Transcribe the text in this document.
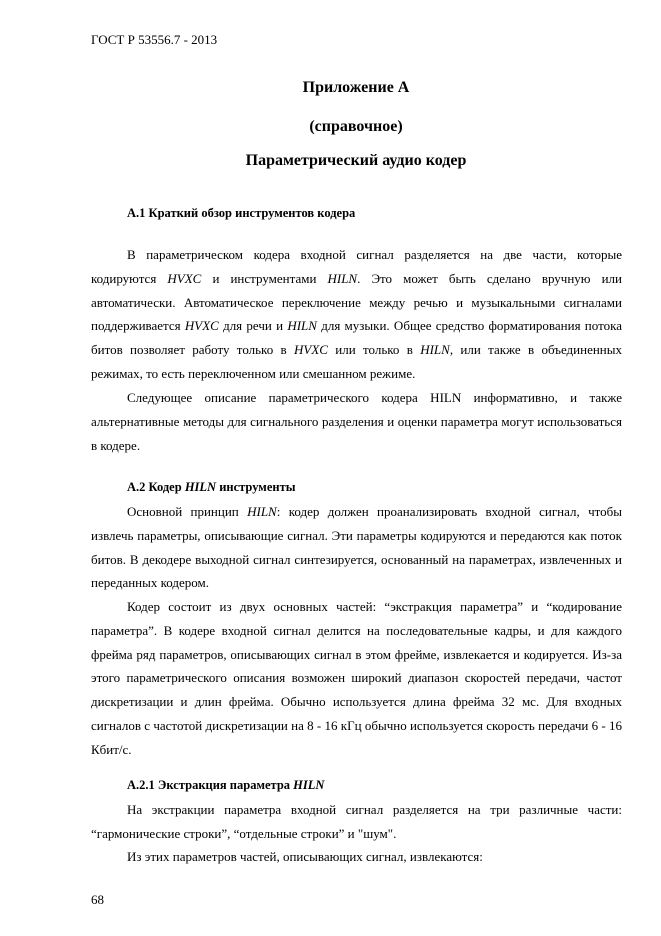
ГОСТ Р 53556.7 - 2013
Приложение А
(справочное)
Параметрический аудио кодер
А.1 Краткий обзор инструментов кодера

В параметрическом кодера входной сигнал разделяется на две части, которые кодируются HVXC и инструментами HILN. Это может быть сделано вручную или автоматически. Автоматическое переключение между речью и музыкальными сигналами поддерживается HVXC для речи и HILN для музыки. Общее средство форматирования потока битов позволяет работу только в HVXC или только в HILN, или также в объединенных режимах, то есть переключенном или смешанном режиме.

Следующее описание параметрического кодера HILN информативно, и также альтернативные методы для сигнального разделения и оценки параметра могут использоваться в кодере.

А.2 Кодер HILN инструменты

Основной принцип HILN: кодер должен проанализировать входной сигнал, чтобы извлечь параметры, описывающие сигнал. Эти параметры кодируются и передаются как поток битов. В декодере выходной сигнал синтезируется, основанный на параметрах, извлеченных и переданных кодером.

Кодер состоит из двух основных частей: “экстракция параметра” и “кодирование параметра”. В кодере входной сигнал делится на последовательные кадры, и для каждого фрейма ряд параметров, описывающих сигнал в этом фрейме, извлекается и кодируется. Из-за этого параметрического описания возможен широкий диапазон скоростей передачи, частот дискретизации и длин фрейма. Обычно используется длина фрейма 32 мс. Для входных сигналов с частотой дискретизации на 8 - 16 кГц обычно используется скорость передачи 6 - 16 Кбит/с.

А.2.1 Экстракция параметра HILN

На экстракции параметра входной сигнал разделяется на три различные части: “гармонические строки”, “отдельные строки” и "шум".

Из этих параметров частей, описывающих сигнал, извлекаются:

68
